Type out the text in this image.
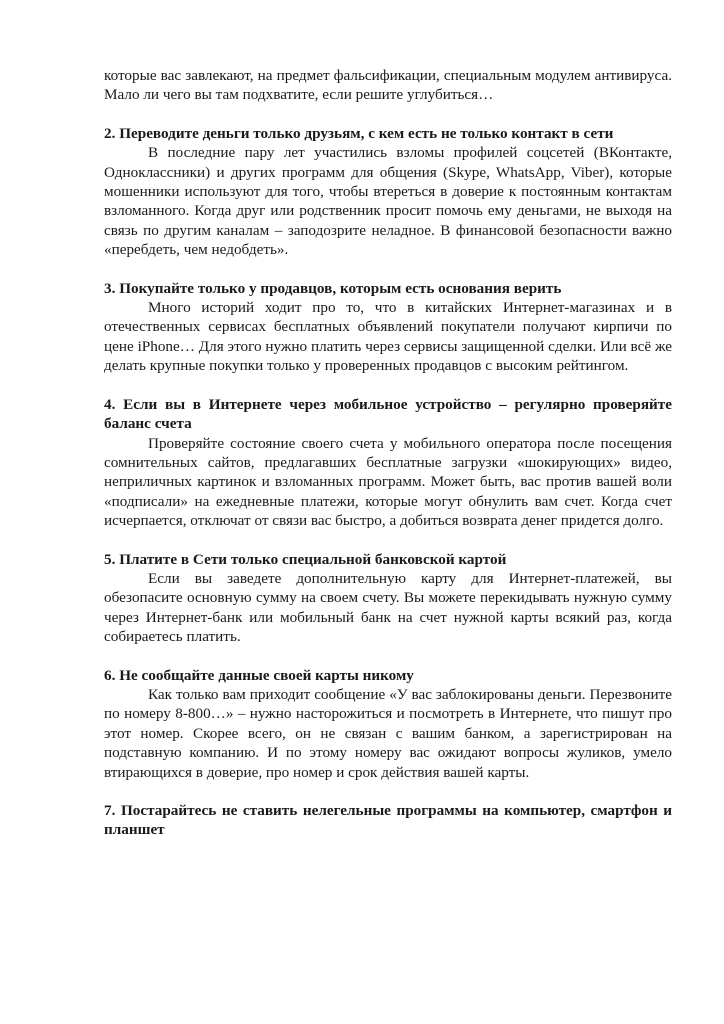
которые вас завлекают, на предмет фальсификации, специальным модулем антивируса. Мало ли чего вы там подхватите, если решите углубиться…

2. Переводите деньги только друзьям, с кем есть не только контакт в сети

В последние пару лет участились взломы профилей соцсетей (ВКонтакте, Одноклассники) и других программ для общения (Skype, WhatsApp, Viber), которые мошенники используют для того, чтобы втереться в доверие к постоянным контактам взломанного. Когда друг или родственник просит помочь ему деньгами, не выходя на связь по другим каналам – заподозрите неладное. В финансовой безопасности важно «перебдеть, чем недобдеть».

3. Покупайте только у продавцов, которым есть основания верить

Много историй ходит про то, что в китайских Интернет-магазинах и в отечественных сервисах бесплатных объявлений покупатели получают кирпичи по цене iPhone… Для этого нужно платить через сервисы защищенной сделки. Или всё же делать крупные покупки только у проверенных продавцов с высоким рейтингом.

4. Если вы в Интернете через мобильное устройство – регулярно проверяйте баланс счета

Проверяйте состояние своего счета у мобильного оператора после посещения сомнительных сайтов, предлагавших бесплатные загрузки «шокирующих» видео, неприличных картинок и взломанных программ. Может быть, вас против вашей воли «подписали» на ежедневные платежи, которые могут обнулить вам счет. Когда счет исчерпается, отключат от связи вас быстро, а добиться возврата денег придется долго.

5. Платите в Сети только специальной банковской картой

Если вы заведете дополнительную карту для Интернет-платежей, вы обезопасите основную сумму на своем счету. Вы можете перекидывать нужную сумму через Интернет-банк или мобильный банк на счет нужной карты всякий раз, когда собираетесь платить.

6. Не сообщайте данные своей карты никому

Как только вам приходит сообщение «У вас заблокированы деньги. Перезвоните по номеру 8-800…» – нужно насторожиться и посмотреть в Интернете, что пишут про этот номер. Скорее всего, он не связан с вашим банком, а зарегистрирован на подставную компанию. И по этому номеру вас ожидают вопросы жуликов, умело втирающихся в доверие, про номер и срок действия вашей карты.

7. Постарайтесь не ставить нелегельные программы на компьютер, смартфон и планшет
